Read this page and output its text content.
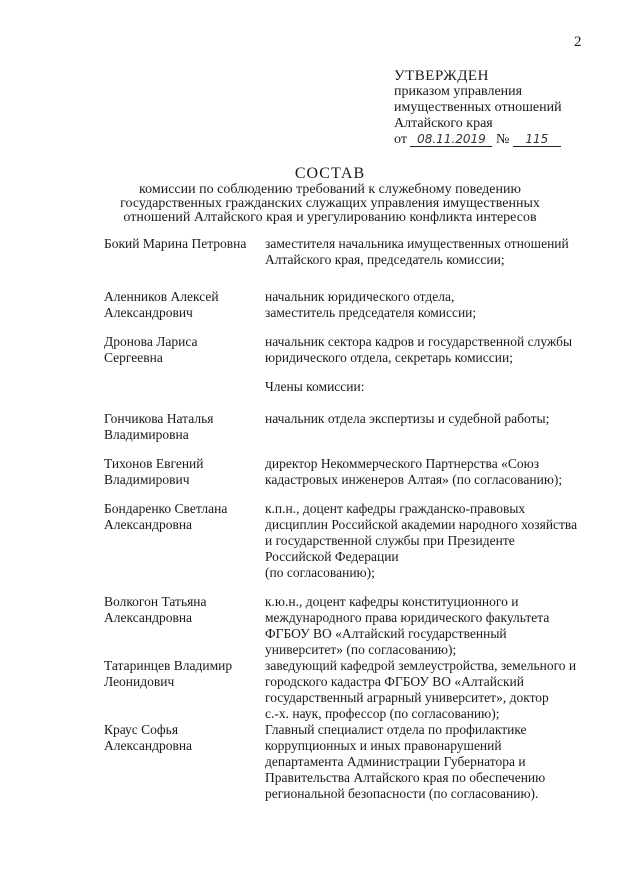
2
УТВЕРЖДЕН
приказом управления
имущественных отношений
Алтайского края
от 08.11.2019 № 115
СОСТАВ
комиссии по соблюдению требований к служебному поведению
государственных гражданских служащих управления имущественных
отношений Алтайского края и урегулированию конфликта интересов
Бокий Марина Петровна	заместителя начальника имущественных отношений
Алтайского края, председатель комиссии;
Аленников Алексей
Александрович
начальник юридического отдела,
заместитель председателя комиссии;
Дронова Лариса
Сергеевна
начальник сектора кадров и государственной службы
юридического отдела, секретарь комиссии;
Члены комиссии:
Гончикова Наталья
Владимировна
начальник отдела экспертизы и судебной работы;
Тихонов Евгений
Владимирович
директор Некоммерческого Партнерства «Союз
кадастровых инженеров Алтая» (по согласованию);
Бондаренко Светлана
Александровна
к.п.н., доцент кафедры гражданско-правовых
дисциплин Российской академии народного хозяйства
и государственной службы при Президенте
Российской Федерации
(по согласованию);
Волкогон Татьяна
Александровна
к.ю.н., доцент кафедры конституционного и
международного права юридического факультета
ФГБОУ ВО «Алтайский государственный
университет» (по согласованию);
Татаринцев Владимир
Леонидович
заведующий кафедрой землеустройства, земельного и
городского кадастра ФГБОУ ВО «Алтайский
государственный аграрный университет», доктор
с.-х. наук, профессор (по согласованию);
Краус Софья
Александровна
Главный специалист отдела по профилактике
коррупционных и иных правонарушений
департамента Администрации Губернатора и
Правительства Алтайского края по обеспечению
региональной безопасности (по согласованию).
